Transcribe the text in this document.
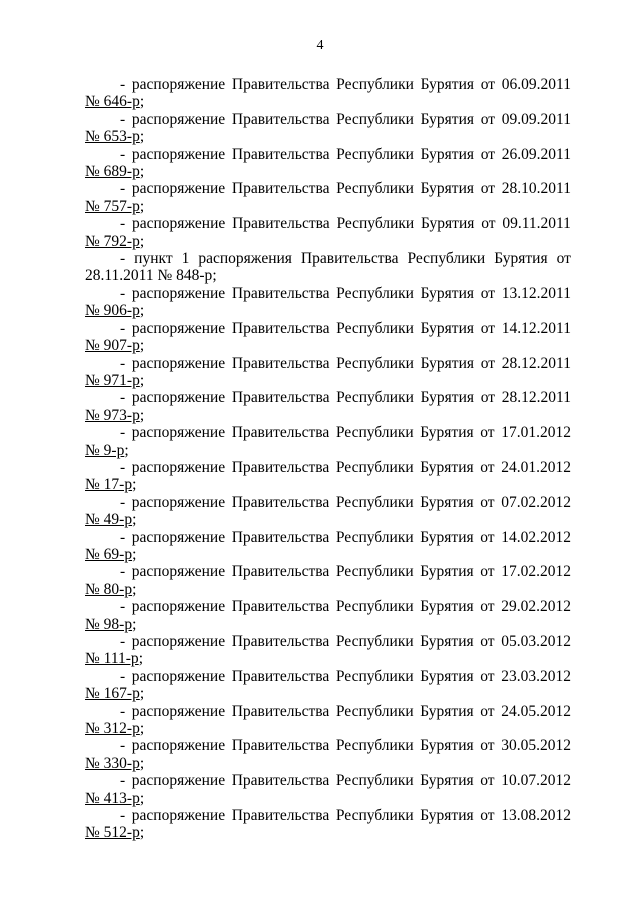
4
- распоряжение Правительства Республики Бурятия от 06.09.2011
№ 646-р;
- распоряжение Правительства Республики Бурятия от 09.09.2011
№ 653-р;
- распоряжение Правительства Республики Бурятия от 26.09.2011
№ 689-р;
- распоряжение Правительства Республики Бурятия от 28.10.2011
№ 757-р;
- распоряжение Правительства Республики Бурятия от 09.11.2011
№ 792-р;
- пункт 1 распоряжения Правительства Республики Бурятия от
28.11.2011 № 848-р;
- распоряжение Правительства Республики Бурятия от 13.12.2011
№ 906-р;
- распоряжение Правительства Республики Бурятия от 14.12.2011
№ 907-р;
- распоряжение Правительства Республики Бурятия от 28.12.2011
№ 971-р;
- распоряжение Правительства Республики Бурятия от 28.12.2011
№ 973-р;
- распоряжение Правительства Республики Бурятия от 17.01.2012
№ 9-р;
- распоряжение Правительства Республики Бурятия от 24.01.2012
№ 17-р;
- распоряжение Правительства Республики Бурятия от 07.02.2012
№ 49-р;
- распоряжение Правительства Республики Бурятия от 14.02.2012
№ 69-р;
- распоряжение Правительства Республики Бурятия от 17.02.2012
№ 80-р;
- распоряжение Правительства Республики Бурятия от 29.02.2012
№ 98-р;
- распоряжение Правительства Республики Бурятия от 05.03.2012
№ 111-р;
- распоряжение Правительства Республики Бурятия от 23.03.2012
№ 167-р;
- распоряжение Правительства Республики Бурятия от 24.05.2012
№ 312-р;
- распоряжение Правительства Республики Бурятия от 30.05.2012
№ 330-р;
- распоряжение Правительства Республики Бурятия от 10.07.2012
№ 413-р;
- распоряжение Правительства Республики Бурятия от 13.08.2012
№ 512-р;
